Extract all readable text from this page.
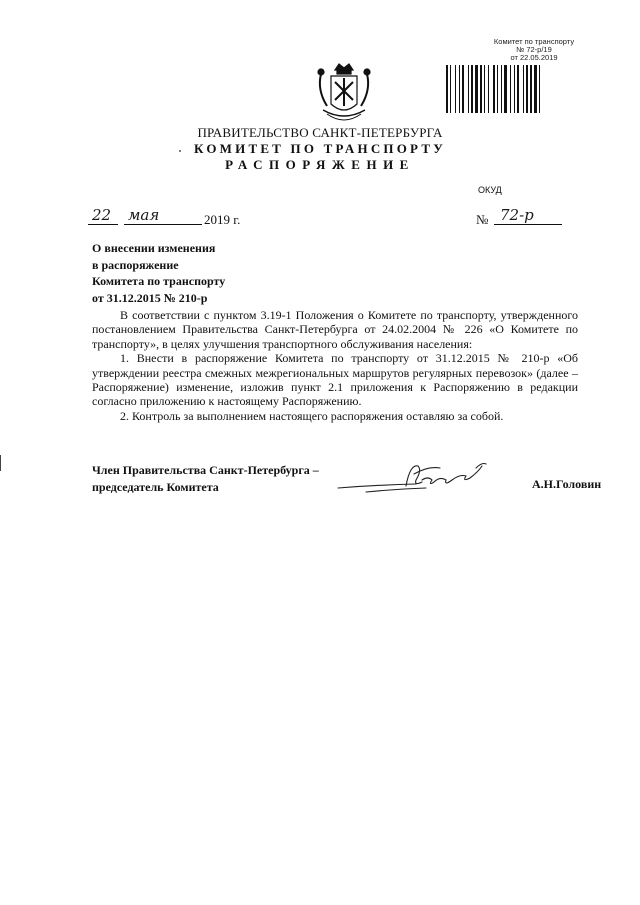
Комитет по транспорту
№ 72-р/19
от 22.05.2019
ПРАВИТЕЛЬСТВО САНКТ-ПЕТЕРБУРГА
КОМИТЕТ ПО ТРАНСПОРТУ
РАСПОРЯЖЕНИЕ
ОКУД
22 мая	2019 г.	№ 72-р
О внесении изменения
в распоряжение
Комитета по транспорту
от 31.12.2015 № 210-р

В соответствии с пунктом 3.19-1 Положения о Комитете по транспорту, утвержденного постановлением Правительства Санкт-Петербурга от 24.02.2004 № 226 «О Комитете по транспорту», в целях улучшения транспортного обслуживания населения:

1. Внести в распоряжение Комитета по транспорту от 31.12.2015 № 210-р «Об утверждении реестра смежных межрегиональных маршрутов регулярных перевозок» (далее – Распоряжение) изменение, изложив пункт 2.1 приложения к Распоряжению в редакции согласно приложению к настоящему Распоряжению.

2. Контроль за выполнением настоящего распоряжения оставляю за собой.

Член Правительства Санкт-Петербурга –
председатель Комитета	А.Н.Головин
